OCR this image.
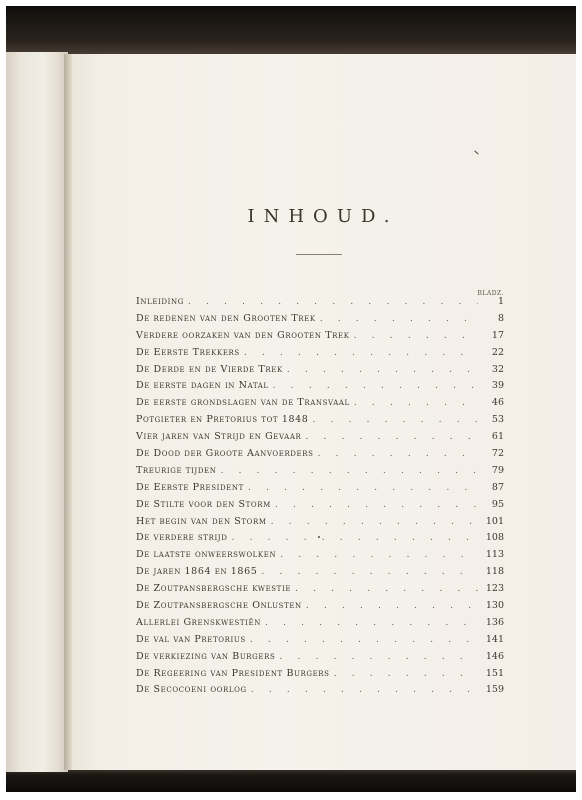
INHOUD.
BLADZ.
Inleiding . . .	1
De redenen van den Grooten Trek . . .	8
Verdere oorzaken van den Grooten Trek . . .	17
De Eerste Trekkers . . .	22
De Derde en de Vierde Trek . . .	32
De eerste dagen in Natal . . .	39
De eerste grondslagen van de Transvaal . . .	46
Potgieter en Pretorius tot 1848 . . .	53
Vier jaren van Strijd en Gevaar . . .	61
De Dood der Groote Aanvoerders . . .	72
Treurige tijden . . .	79
De Eerste President . . .	87
De Stilte voor den Storm . . .	95
Het begin van den Storm . . .	101
De verdere strijd . . .	108
De laatste onweerswolken . . .	113
De jaren 1864 en 1865 . . .	118
De Zoutpansbergsche kwestie . . .	123
De Zoutpansbergsche Onlusten . . .	130
Allerlei Grenskwestiën . . .	136
De val van Pretorius . . .	141
De verkiezing van Burgers . . .	146
De Regeering van President Burgers . . .	151
De Secocoeni oorlog . . .	159
